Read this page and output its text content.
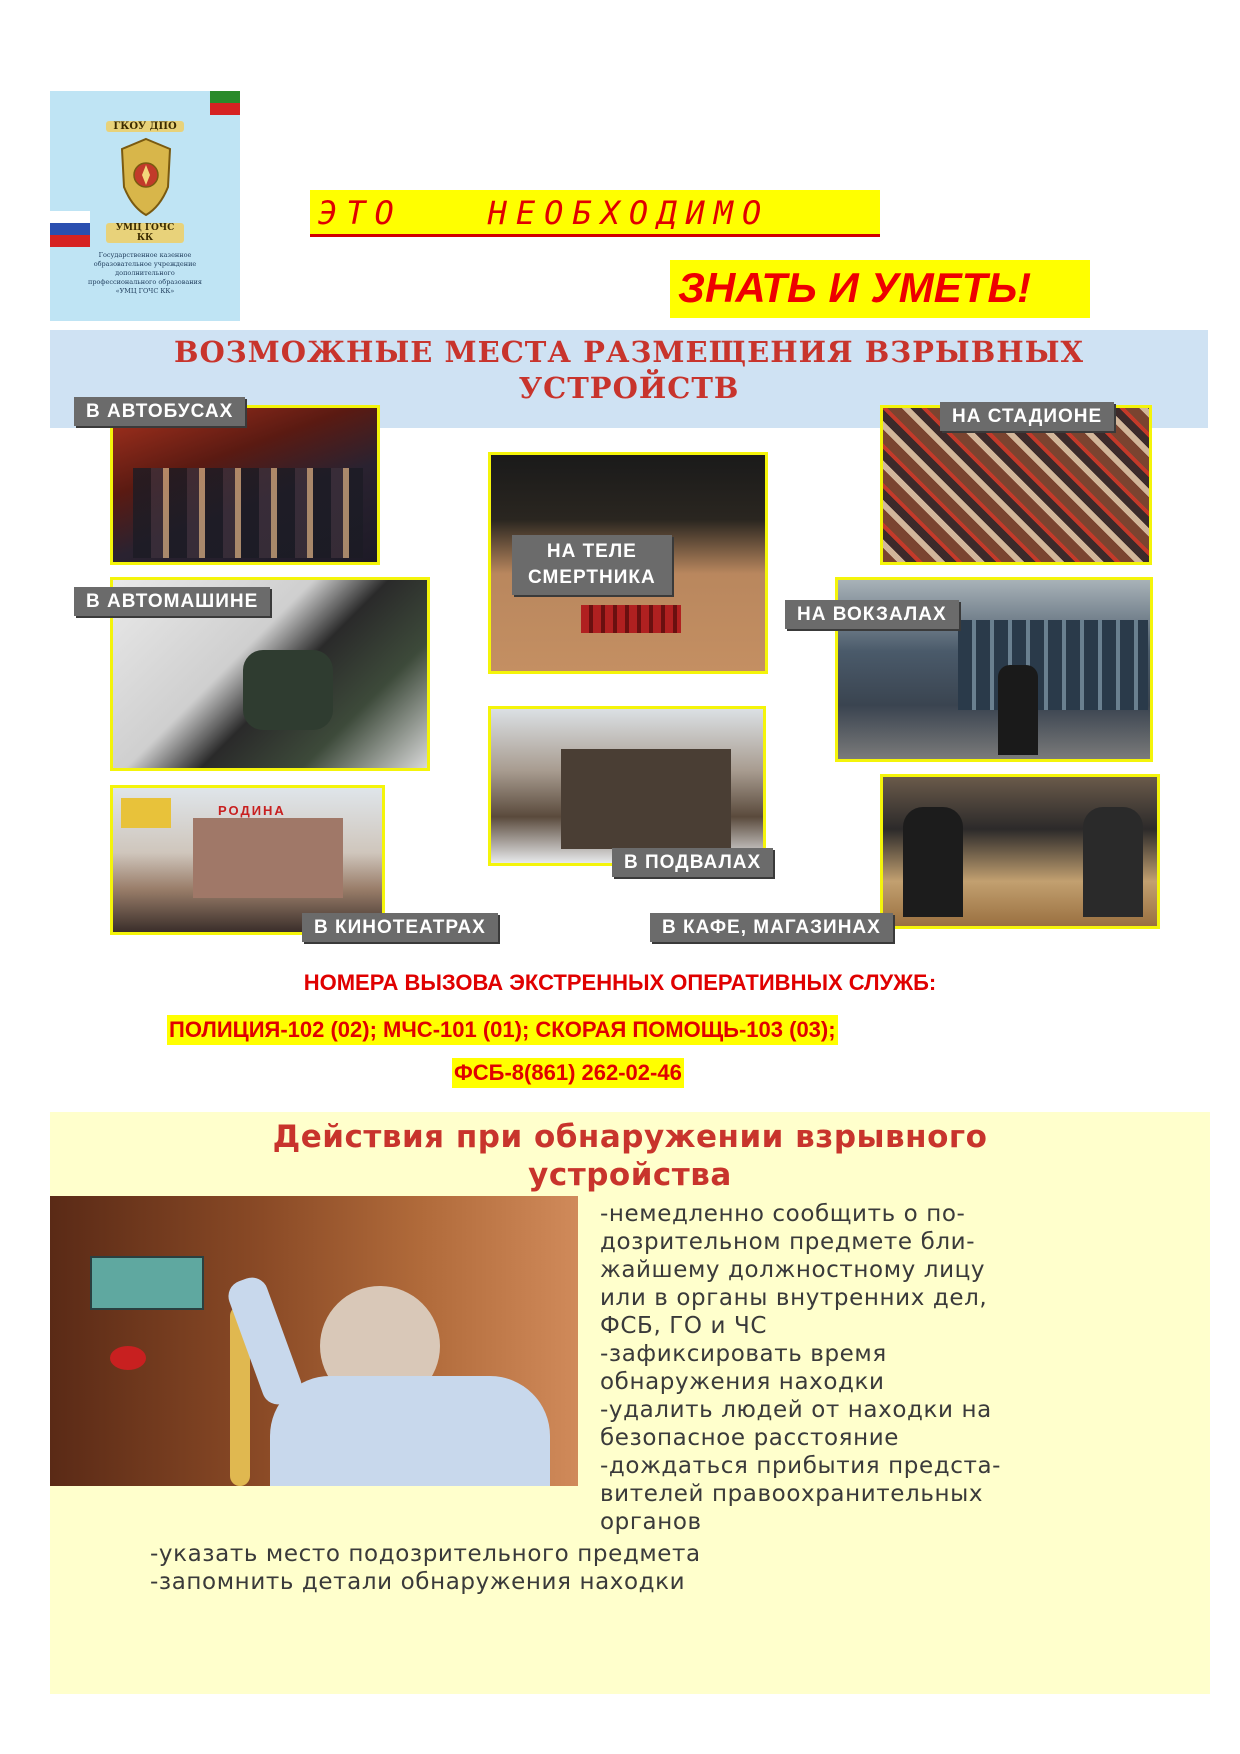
ГКОУ ДПО
УМЦ ГОЧС КК
Государственное казенное
образовательное учреждение
дополнительного
профессионального образования
«УМЦ ГОЧС КК»
ЭТО   НЕОБХОДИМО
ЗНАТЬ И УМЕТЬ!
ВОЗМОЖНЫЕ МЕСТА РАЗМЕЩЕНИЯ ВЗРЫВНЫХ
УСТРОЙСТВ
В АВТОБУСАХ
НА ТЕЛЕ
СМЕРТНИКА
НА СТАДИОНЕ
В АВТОМАШИНЕ
НА ВОКЗАЛАХ
РОДИНА
В КИНОТЕАТРАХ
В ПОДВАЛАХ
В КАФЕ, МАГАЗИНАХ
НОМЕРА ВЫЗОВА ЭКСТРЕННЫХ ОПЕРАТИВНЫХ СЛУЖБ:
ПОЛИЦИЯ-102 (02); МЧС-101 (01); СКОРАЯ ПОМОЩЬ-103 (03);
ФСБ-8(861) 262-02-46
Действия при обнаружении взрывного
устройства
-немедленно сообщить о по-
дозрительном предмете бли-
жайшему должностному лицу
или в органы внутренних дел,
ФСБ, ГО и ЧС
-зафиксировать время
обнаружения находки
-удалить людей от находки на
безопасное расстояние
-дождаться прибытия предста-
вителей правоохранительных
органов
-указать место подозрительного предмета
-запомнить детали обнаружения находки
